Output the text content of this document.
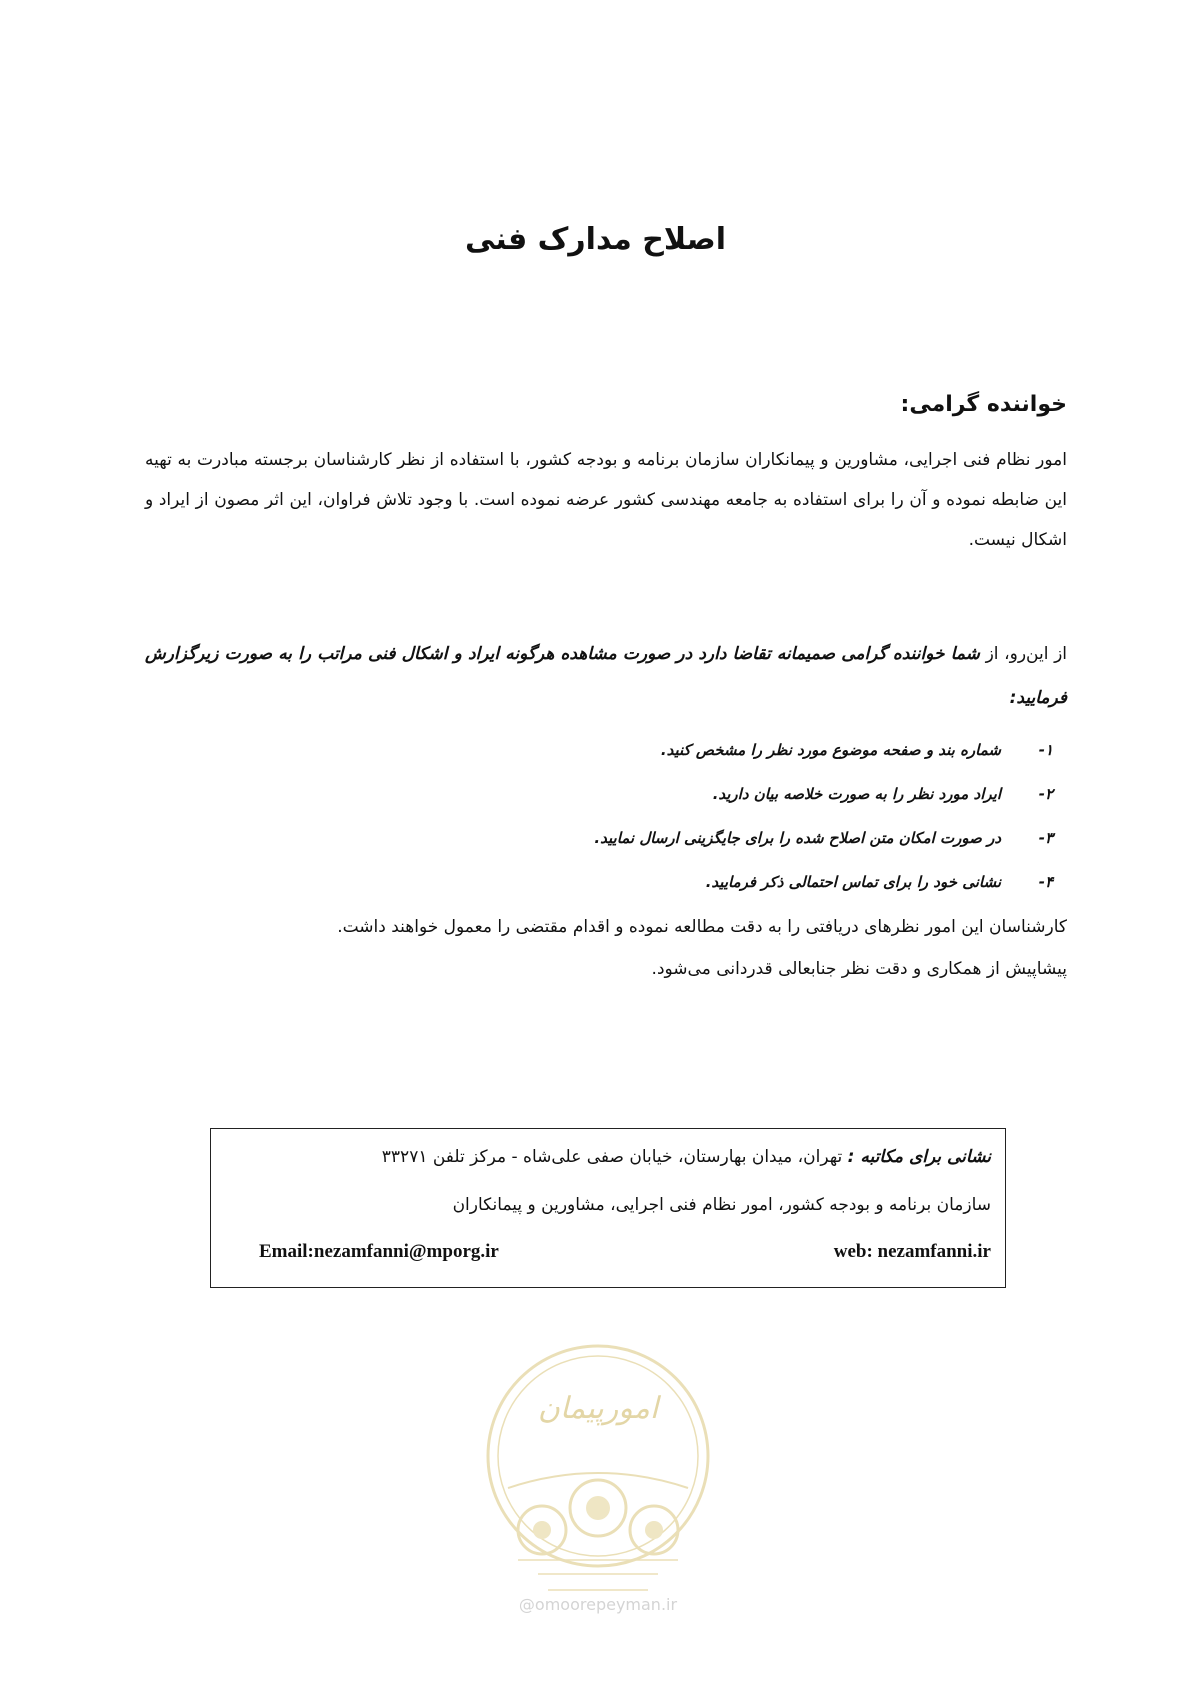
اصلاح مدارک فنی

خواننده گرامی:

امور نظام فنی اجرایی، مشاورین و پیمانکاران سازمان برنامه و بودجه کشور، با استفاده از نظر کارشناسان برجسته مبادرت به تهیه این ضابطه نموده و آن را برای استفاده به جامعه مهندسی کشور عرضه نموده است. با وجود تلاش فراوان، این اثر مصون از ایراد و اشکال نیست.

از این‌رو، از شما خواننده گرامی صمیمانه تقاضا دارد در صورت مشاهده هرگونه ایراد و اشکال فنی مراتب را به صورت زیرگزارش فرمایید:

۱-شماره بند و صفحه موضوع مورد نظر را مشخص کنید.
۲-ایراد مورد نظر را به صورت خلاصه بیان دارید.
۳-در صورت امکان متن اصلاح شده را برای جایگزینی ارسال نمایید.
۴-نشانی خود را برای تماس احتمالی ذکر فرمایید.
کارشناسان این امور نظرهای دریافتی را به دقت مطالعه نموده و اقدام مقتضی را معمول خواهند داشت.
پیشاپیش از همکاری و دقت نظر جنابعالی قدردانی می‌شود.
نشانی برای مکاتبه : تهران، میدان بهارستان، خیابان صفی علی‌شاه - مرکز تلفن ۳۳۲۷۱
سازمان برنامه و بودجه کشور، امور نظام فنی اجرایی، مشاورین و پیمانکاران
web: nezamfanni.ir
Email:nezamfanni@mporg.ir
امورپیمان
@omoorepeyman.ir
